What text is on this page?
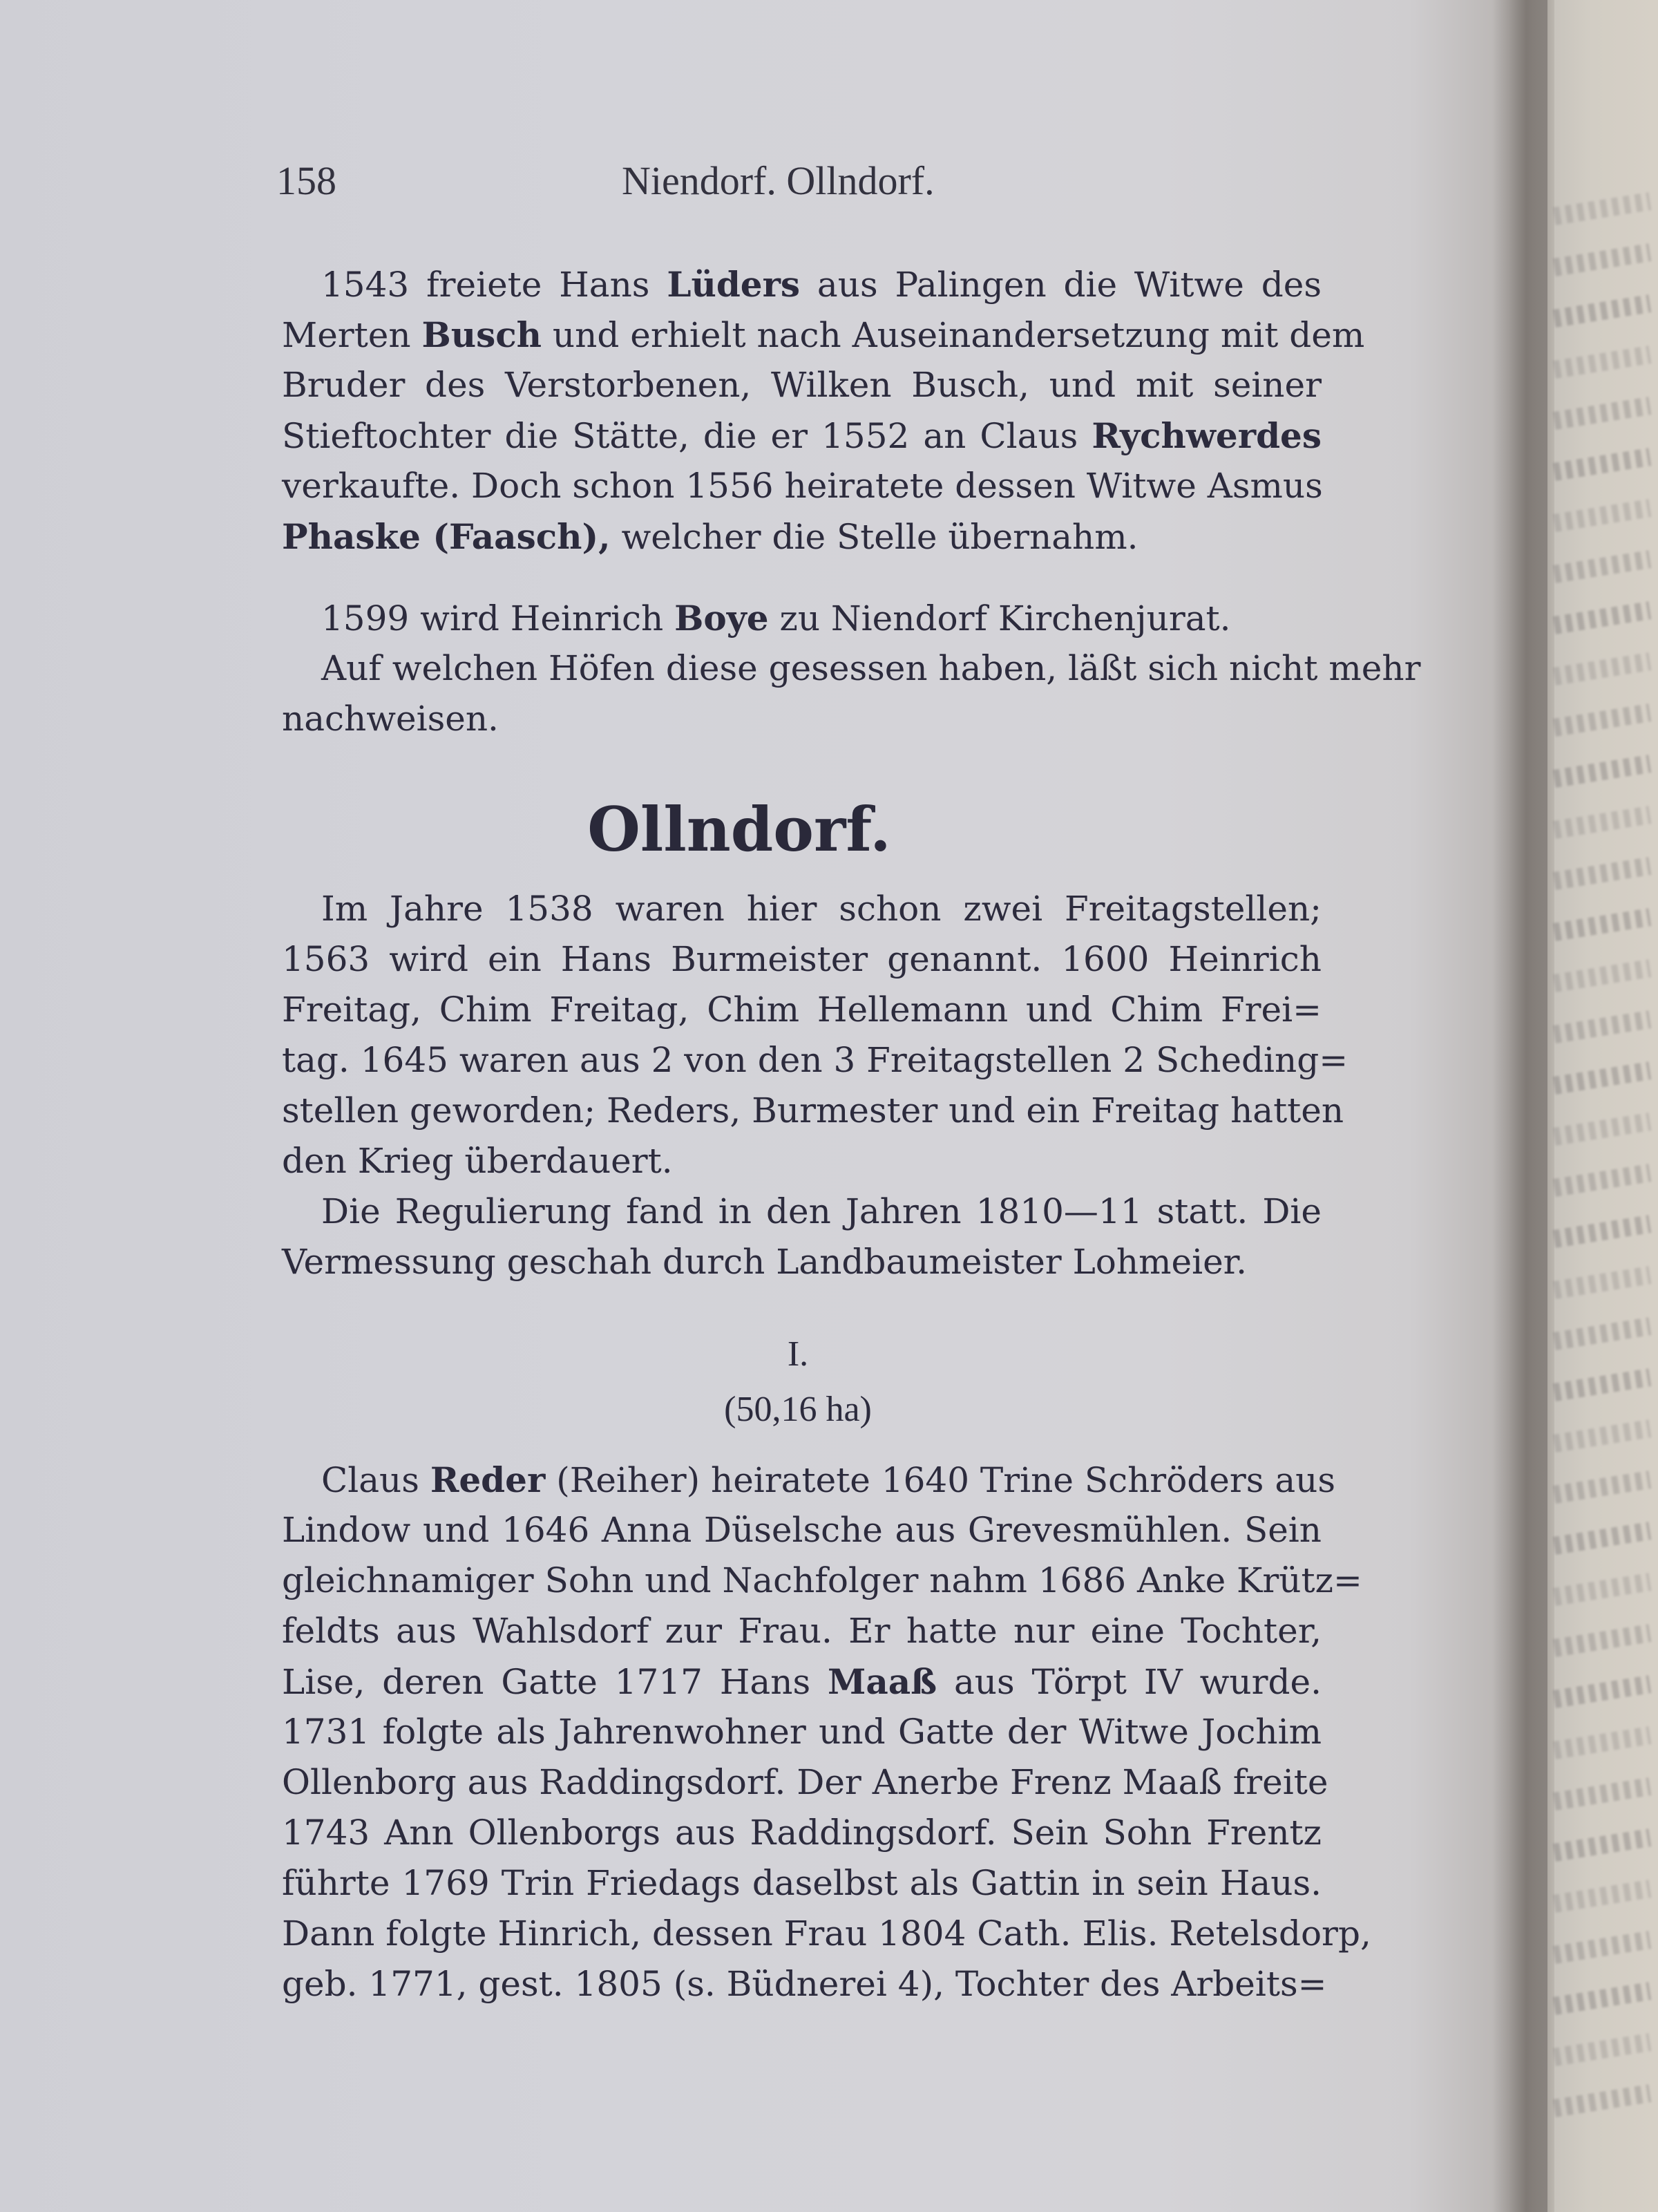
158	Niendorf. Ollndorf.
1543 freiete Hans Lüders aus Palingen die Witwe des
Merten Busch und erhielt nach Auseinandersetzung mit dem
Bruder des Verstorbenen, Wilken Busch, und mit seiner
Stieftochter die Stätte, die er 1552 an Claus Rychwerdes
verkaufte. Doch schon 1556 heiratete dessen Witwe Asmus
Phaske (Faasch), welcher die Stelle übernahm.
1599 wird Heinrich Boye zu Niendorf Kirchenjurat.
Auf welchen Höfen diese gesessen haben, läßt sich nicht mehr
nachweisen.
Ollndorf.
Im Jahre 1538 waren hier schon zwei Freitagstellen;
1563 wird ein Hans Burmeister genannt. 1600 Heinrich
Freitag, Chim Freitag, Chim Hellemann und Chim Frei=
tag. 1645 waren aus 2 von den 3 Freitagstellen 2 Scheding=
stellen geworden; Reders, Burmester und ein Freitag hatten
den Krieg überdauert.
Die Regulierung fand in den Jahren 1810—11 statt. Die
Vermessung geschah durch Landbaumeister Lohmeier.
I.
(50,16 ha)
Claus Reder (Reiher) heiratete 1640 Trine Schröders aus
Lindow und 1646 Anna Düselsche aus Grevesmühlen. Sein
gleichnamiger Sohn und Nachfolger nahm 1686 Anke Krütz=
feldts aus Wahlsdorf zur Frau. Er hatte nur eine Tochter,
Lise, deren Gatte 1717 Hans Maaß aus Törpt IV wurde.
1731 folgte als Jahrenwohner und Gatte der Witwe Jochim
Ollenborg aus Raddingsdorf. Der Anerbe Frenz Maaß freite
1743 Ann Ollenborgs aus Raddingsdorf. Sein Sohn Frentz
führte 1769 Trin Friedags daselbst als Gattin in sein Haus.
Dann folgte Hinrich, dessen Frau 1804 Cath. Elis. Retelsdorp,
geb. 1771, gest. 1805 (s. Büdnerei 4), Tochter des Arbeits=
